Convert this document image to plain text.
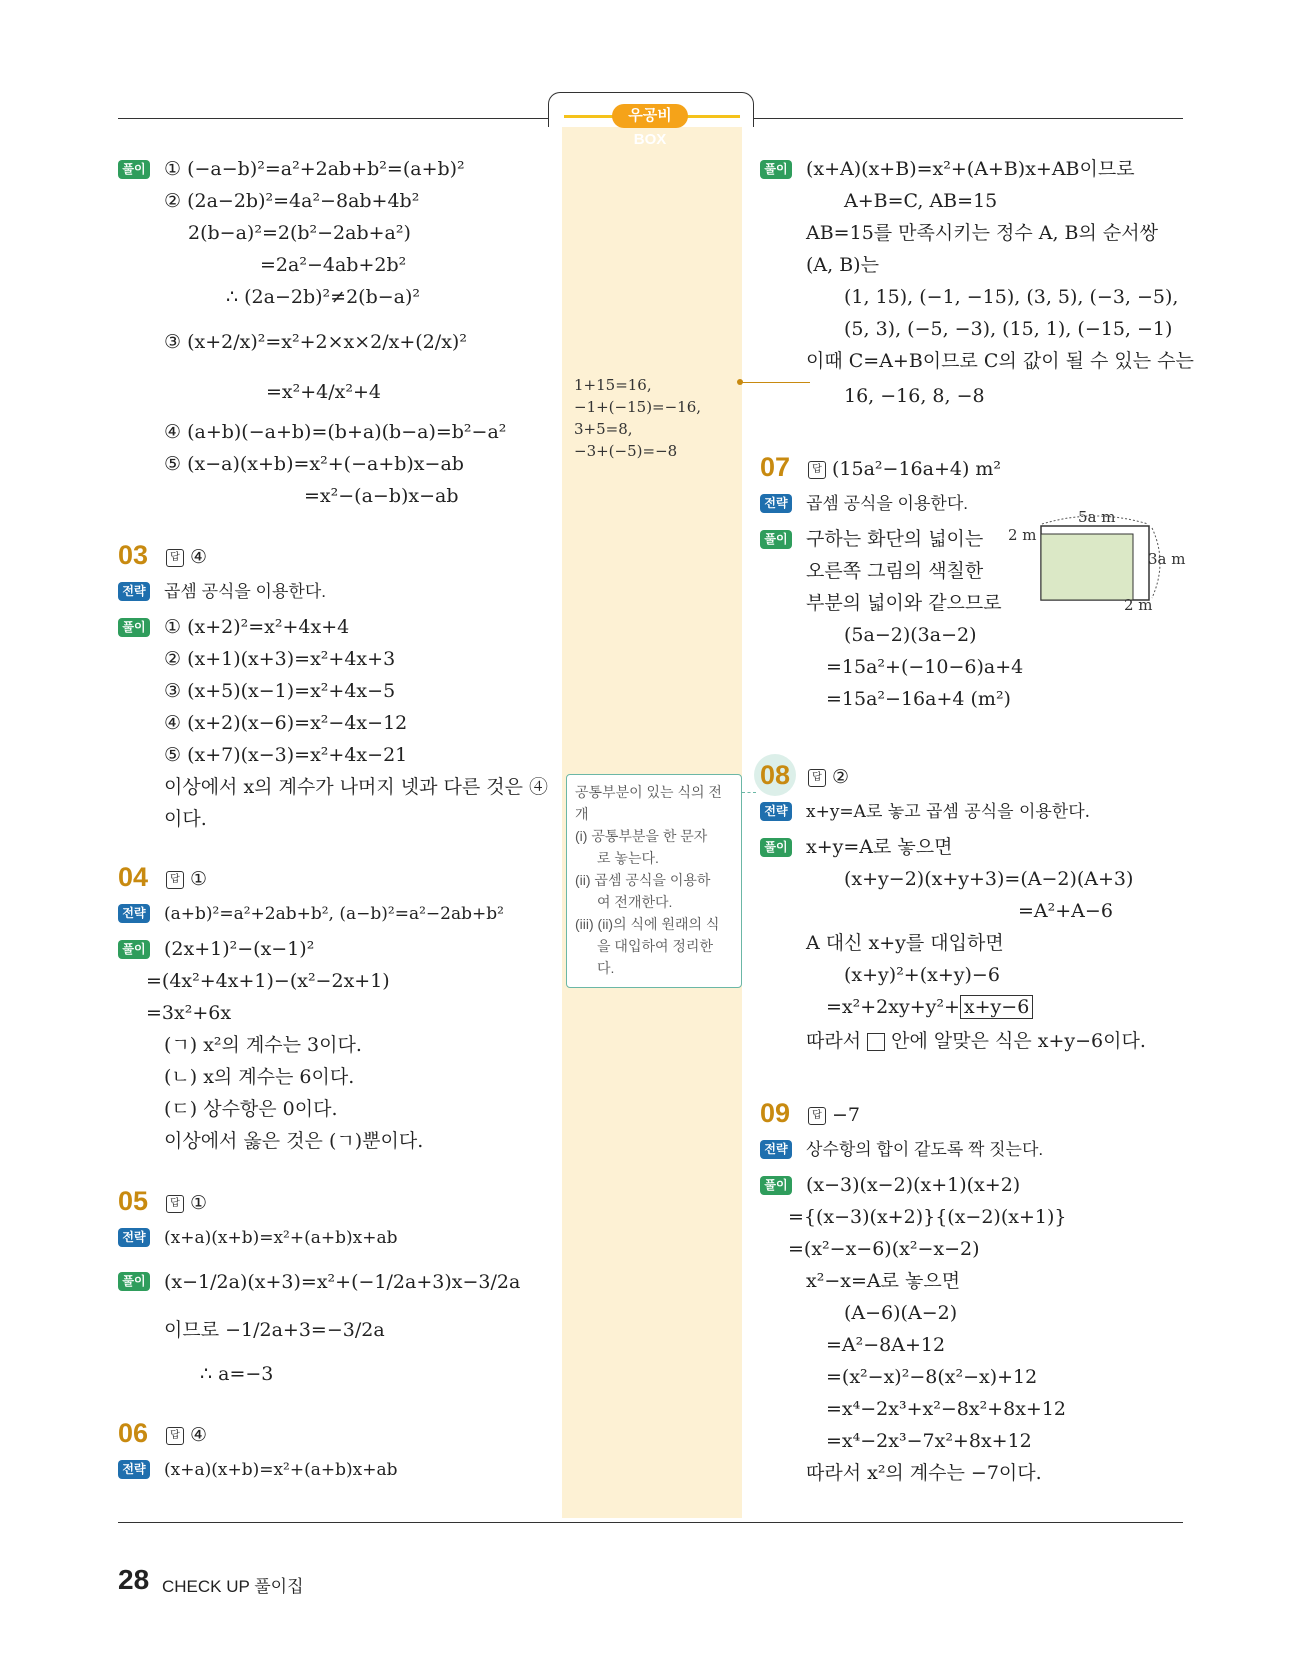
우공비 BOX
풀이 ① (−a−b)²=a²+2ab+b²=(a+b)²
② (2a−2b)²=4a²−8ab+4b²
2(b−a)²=2(b²−2ab+a²)
=2a²−4ab+2b²
∴ (2a−2b)²≠2(b−a)²
③ (x+2/x)²=x²+2×x×2/x+(2/x)²
=x²+4/x²+4
④ (a+b)(−a+b)=(b+a)(b−a)=b²−a²
⑤ (x−a)(x+b)=x²+(−a+b)x−ab
=x²−(a−b)x−ab
03	답 ④
전략 곱셈 공식을 이용한다.
풀이 ① (x+2)²=x²+4x+4
② (x+1)(x+3)=x²+4x+3
③ (x+5)(x−1)=x²+4x−5
④ (x+2)(x−6)=x²−4x−12
⑤ (x+7)(x−3)=x²+4x−21
이상에서 x의 계수가 나머지 넷과 다른 것은 ④
이다.
04	답 ①
전략 (a+b)²=a²+2ab+b², (a−b)²=a²−2ab+b²
풀이 (2x+1)²−(x−1)²
=(4x²+4x+1)−(x²−2x+1)
=3x²+6x
(ㄱ) x²의 계수는 3이다.
(ㄴ) x의 계수는 6이다.
(ㄷ) 상수항은 0이다.
이상에서 옳은 것은 (ㄱ)뿐이다.
05	답 ①
전략 (x+a)(x+b)=x²+(a+b)x+ab
풀이 (x−1/2a)(x+3)=x²+(−1/2a+3)x−3/2a
이므로 −1/2a+3=−3/2a
∴ a=−3
06	답 ④
전략 (x+a)(x+b)=x²+(a+b)x+ab
1+15=16,
−1+(−15)=−16,
3+5=8,
−3+(−5)=−8
공통부분이 있는 식의 전
개
(i) 공통부분을 한 문자
로 놓는다.
(ii) 곱셈 공식을 이용하
여 전개한다.
(iii) (ii)의 식에 원래의 식
을 대입하여 정리한
다.
풀이 (x+A)(x+B)=x²+(A+B)x+AB이므로
A+B=C, AB=15
AB=15를 만족시키는 정수 A, B의 순서쌍
(A, B)는
(1, 15), (−1, −15), (3, 5), (−3, −5),
(5, 3), (−5, −3), (15, 1), (−15, −1)
이때 C=A+B이므로 C의 값이 될 수 있는 수는
16, −16, 8, −8
07	답 (15a²−16a+4) m²
전략 곱셈 공식을 이용한다.
풀이 구하는 화단의 넓이는
오른쪽 그림의 색칠한
부분의 넓이와 같으므로
(5a−2)(3a−2)
=15a²+(−10−6)a+4
=15a²−16a+4 (m²)
5a m
2 m
3a m
2 m
08	답 ②
전략 x+y=A로 놓고 곱셈 공식을 이용한다.
풀이 x+y=A로 놓으면
(x+y−2)(x+y+3)=(A−2)(A+3)
=A²+A−6
A 대신 x+y를 대입하면
(x+y)²+(x+y)−6
=x²+2xy+y²+ x+y−6
따라서 안에 알맞은 식은 x+y−6이다.
09	답 −7
전략 상수항의 합이 같도록 짝 짓는다.
풀이 (x−3)(x−2)(x+1)(x+2)
={(x−3)(x+2)}{(x−2)(x+1)}
=(x²−x−6)(x²−x−2)
x²−x=A로 놓으면
(A−6)(A−2)
=A²−8A+12
=(x²−x)²−8(x²−x)+12
=x⁴−2x³+x²−8x²+8x+12
=x⁴−2x³−7x²+8x+12
따라서 x²의 계수는 −7이다.
28 CHECK UP 풀이집
